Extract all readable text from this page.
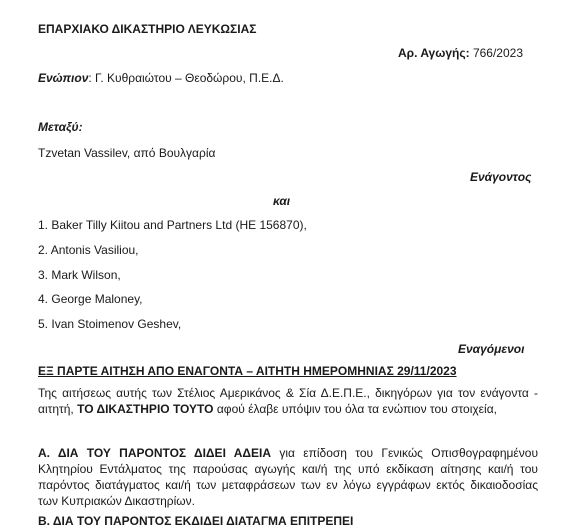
ΕΠΑΡΧΙΑΚΟ ΔΙΚΑΣΤΗΡΙΟ ΛΕΥΚΩΣΙΑΣ
Αρ. Αγωγής: 766/2023
Ενώπιον: Γ. Κυθραιώτου – Θεοδώρου, Π.Ε.Δ.
Μεταξύ:
Tzvetan Vassilev, από Βουλγαρία
Ενάγοντος
και
1. Baker Tilly Kiitou and Partners Ltd (HE 156870),
2. Antonis Vasiliou,
3. Mark Wilson,
4. George Maloney,
5. Ivan Stoimenov Geshev,
Εναγόμενοι
ΕΞ ΠΑΡΤΕ ΑΙΤΗΣΗ ΑΠΟ ΕΝΑΓΟΝΤΑ – ΑΙΤΗΤΗ ΗΜΕΡΟΜΗΝΙΑΣ 29/11/2023
Της αιτήσεως αυτής των Στέλιος Αμερικάνος & Σία Δ.Ε.Π.Ε., δικηγόρων για τον ενάγοντα - αιτητή, ΤΟ ΔΙΚΑΣΤΗΡΙΟ ΤΟΥΤΟ αφού έλαβε υπόψιν του όλα τα ενώπιον του στοιχεία,
Α. ΔΙΑ ΤΟΥ ΠΑΡΟΝΤΟΣ ΔΙΔΕΙ ΑΔΕΙΑ για επίδοση του Γενικώς Οπισθογραφημένου Κλητηρίου Εντάλματος της παρούσας αγωγής και/ή της υπό εκδίκαση αίτησης και/ή του παρόντος διατάγματος και/ή των μεταφράσεων των εν λόγω εγγράφων εκτός δικαιοδοσίας των Κυπριακών Δικαστηρίων.
Β. ΔΙΑ ΤΟΥ ΠΑΡΟΝΤΟΣ ΕΚΔΙΔΕΙ ΔΙΑΤΑΓΜΑ ΕΠΙΤΡΕΠΕΙ
